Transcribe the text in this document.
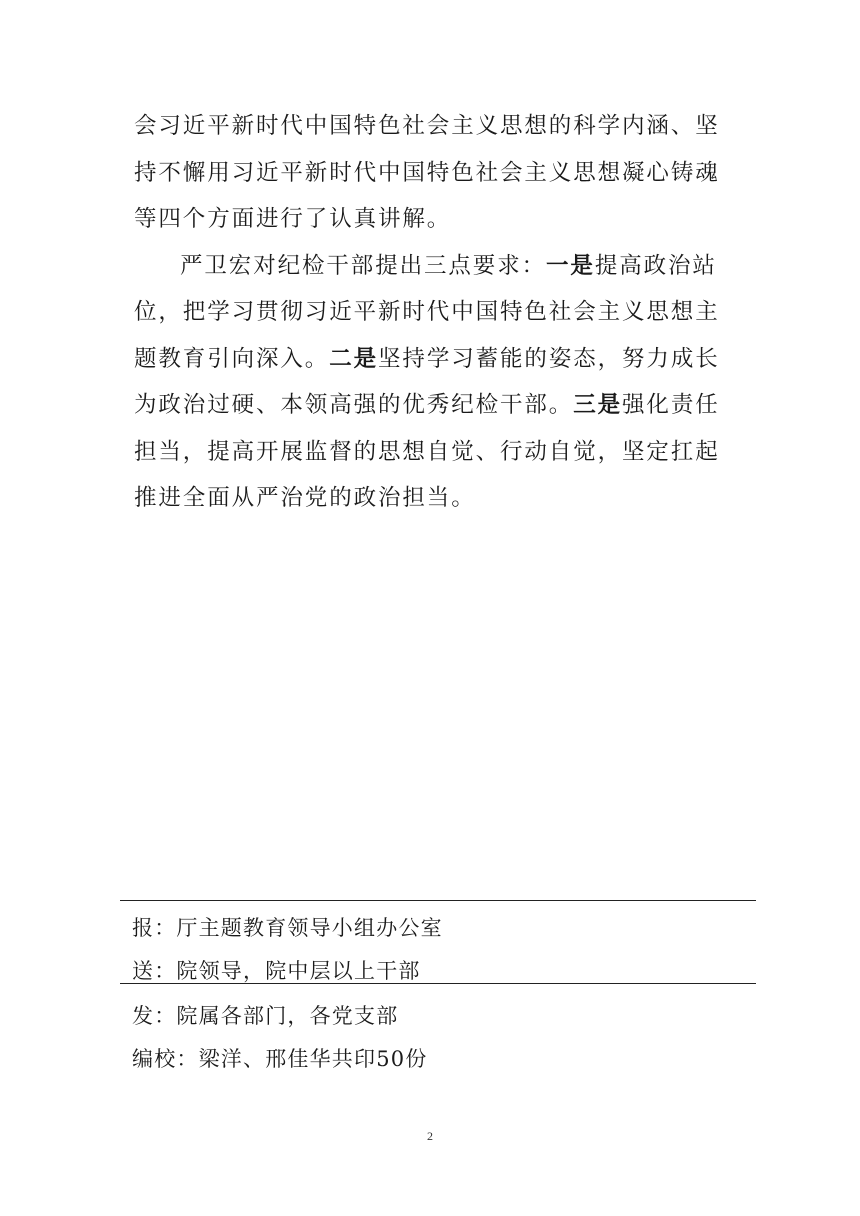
会习近平新时代中国特色社会主义思想的科学内涵、坚持不懈用习近平新时代中国特色社会主义思想凝心铸魂等四个方面进行了认真讲解。

严卫宏对纪检干部提出三点要求：一是提高政治站位，把学习贯彻习近平新时代中国特色社会主义思想主题教育引向深入。二是坚持学习蓄能的姿态，努力成长为政治过硬、本领高强的优秀纪检干部。三是强化责任担当，提高开展监督的思想自觉、行动自觉，坚定扛起推进全面从严治党的政治担当。

报：厅主题教育领导小组办公室
送：院领导，院中层以上干部
发：院属各部门，各党支部
编校：梁洋、邢佳华共印50份
2
